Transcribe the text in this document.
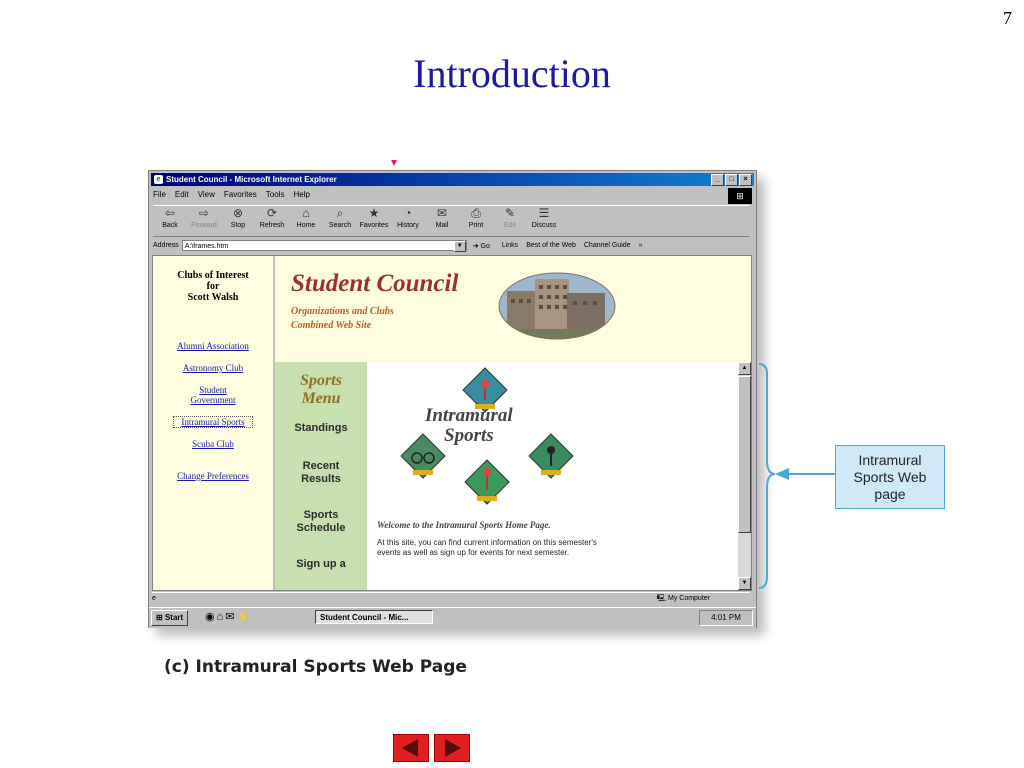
7
Introduction
e Student Council - Microsoft Internet Explorer	_	□	×
File Edit View Favorites Tools Help	⊞
⇦
Back
⇨
Forward
⊗
Stop
⟳
Refresh
⌂
Home
⌕
Search
★
Favorites
◔
History
✉
Mail
⎙
Print
✎
Edit
☰
Discuss
Address A:\frames.htm	▼	➜ Go Links Best of the Web Channel Guide »
Clubs of Interest
for
Scott Walsh
Alumni Association
Astronomy Club
Student Government
Intramural Sports
Scuba Club
Change Preferences
Student Council
Organizations and Clubs
Combined Web Site
Sports
Menu
Standings
Recent Results
Sports Schedule
Sign up a
Intramural
Sports
Welcome to the Intramural Sports Home Page.
At this site, you can find current information on this semester's events as well as sign up for events for next semester.
▲
▼
e	🖳 My Computer
⊞ Start	◉⌂✉⚡	Student Council - Mic...	4:01 PM
Intramural Sports Web page
(c) Intramural Sports Web Page
